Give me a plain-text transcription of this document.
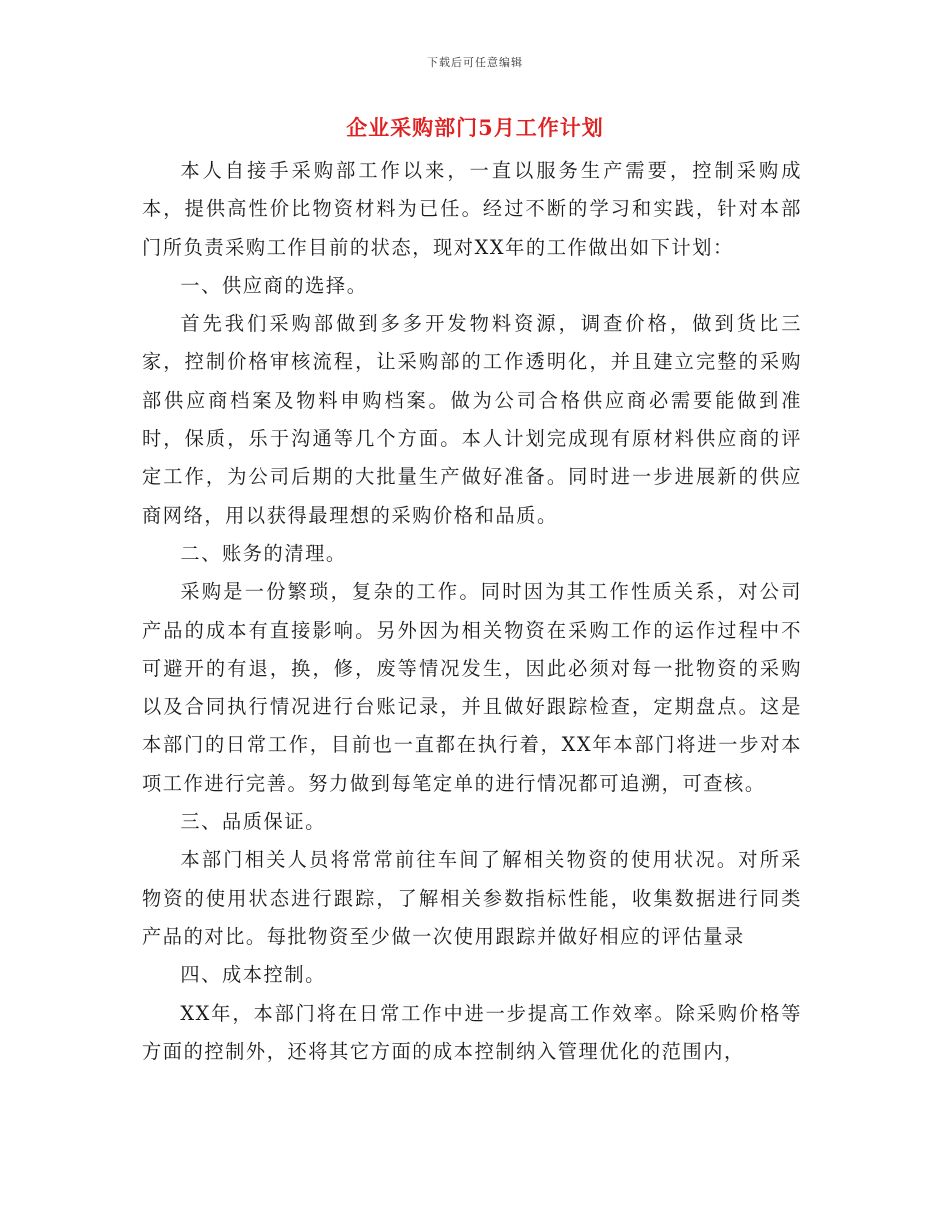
下载后可任意编辑
企业采购部门5月工作计划

本人自接手采购部工作以来，一直以服务生产需要，控制采购成本，提供高性价比物资材料为已任。经过不断的学习和实践，针对本部门所负责采购工作目前的状态，现对XX年的工作做出如下计划：

一、供应商的选择。

首先我们采购部做到多多开发物料资源，调查价格，做到货比三家，控制价格审核流程，让采购部的工作透明化，并且建立完整的采购部供应商档案及物料申购档案。做为公司合格供应商必需要能做到准时，保质，乐于沟通等几个方面。本人计划完成现有原材料供应商的评定工作，为公司后期的大批量生产做好准备。同时进一步进展新的供应商网络，用以获得最理想的采购价格和品质。

二、账务的清理。

采购是一份繁琐，复杂的工作。同时因为其工作性质关系，对公司产品的成本有直接影响。另外因为相关物资在采购工作的运作过程中不可避开的有退，换，修，废等情况发生，因此必须对每一批物资的采购以及合同执行情况进行台账记录，并且做好跟踪检查，定期盘点。这是本部门的日常工作，目前也一直都在执行着，XX年本部门将进一步对本项工作进行完善。努力做到每笔定单的进行情况都可追溯，可查核。

三、品质保证。

本部门相关人员将常常前往车间了解相关物资的使用状况。对所采物资的使用状态进行跟踪，了解相关参数指标性能，收集数据进行同类产品的对比。每批物资至少做一次使用跟踪并做好相应的评估量录

四、成本控制。

XX年，本部门将在日常工作中进一步提高工作效率。除采购价格等方面的控制外，还将其它方面的成本控制纳入管理优化的范围内，
